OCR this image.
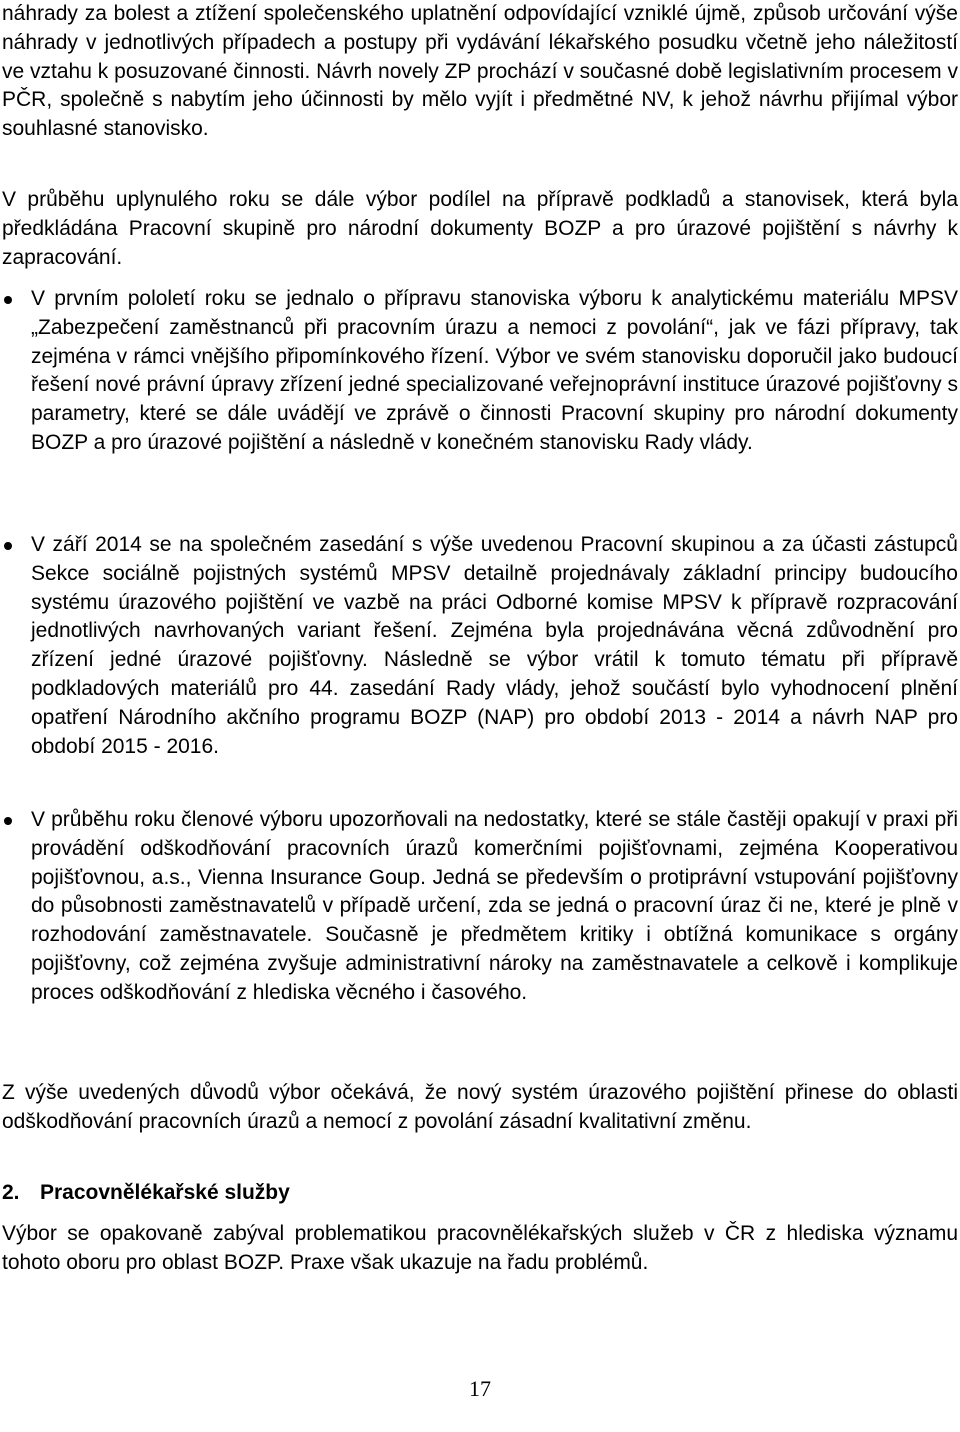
náhrady za bolest a ztížení společenského uplatnění odpovídající vzniklé újmě, způsob určování výše náhrady v jednotlivých případech a postupy při vydávání lékařského posudku včetně jeho náležitostí ve vztahu k posuzované činnosti. Návrh novely ZP prochází v současné době legislativním procesem v PČR, společně s nabytím jeho účinnosti by mělo vyjít i předmětné NV, k jehož návrhu přijímal výbor souhlasné stanovisko.

V průběhu uplynulého roku se dále výbor podílel na přípravě podkladů a stanovisek, která byla předkládána Pracovní skupině pro národní dokumenty BOZP a pro úrazové pojištění s návrhy k zapracování.

V prvním pololetí roku se jednalo o přípravu stanoviska výboru k analytickému materiálu MPSV „Zabezpečení zaměstnanců při pracovním úrazu a nemoci z povolání“, jak ve fázi přípravy, tak zejména v rámci vnějšího připomínkového řízení. Výbor ve svém stanovisku doporučil jako budoucí řešení nové právní úpravy zřízení jedné specializované veřejnoprávní instituce úrazové pojišťovny s parametry, které se dále uvádějí ve zprávě o činnosti Pracovní skupiny pro národní dokumenty BOZP a pro úrazové pojištění a následně v konečném stanovisku Rady vlády.
V září 2014 se na společném zasedání s výše uvedenou Pracovní skupinou a za účasti zástupců Sekce sociálně pojistných systémů MPSV detailně projednávaly základní principy budoucího systému úrazového pojištění ve vazbě na práci Odborné komise MPSV k přípravě rozpracování jednotlivých navrhovaných variant řešení. Zejména byla projednávána věcná zdůvodnění pro zřízení jedné úrazové pojišťovny. Následně se výbor vrátil k tomuto tématu při přípravě podkladových materiálů pro 44. zasedání Rady vlády, jehož součástí bylo vyhodnocení plnění opatření Národního akčního programu BOZP (NAP) pro období 2013 - 2014 a návrh NAP pro období 2015 - 2016.
V průběhu roku členové výboru upozorňovali na nedostatky, které se stále častěji opakují v praxi při provádění odškodňování pracovních úrazů komerčními pojišťovnami, zejména Kooperativou pojišťovnou, a.s., Vienna Insurance Goup. Jedná se především o protiprávní vstupování pojišťovny do působnosti zaměstnavatelů v případě určení, zda se jedná o pracovní úraz či ne, které je plně v rozhodování zaměstnavatele. Současně je předmětem kritiky i obtížná komunikace s orgány pojišťovny, což zejména zvyšuje administrativní nároky na zaměstnavatele a celkově i komplikuje proces odškodňování z hlediska věcného i časového.

Z výše uvedených důvodů výbor očekává, že nový systém úrazového pojištění přinese do oblasti odškodňování pracovních úrazů a nemocí z povolání zásadní kvalitativní změnu.

2. Pracovnělékařské služby

Výbor se opakovaně zabýval problematikou pracovnělékařských služeb v ČR z hlediska významu tohoto oboru pro oblast BOZP. Praxe však ukazuje na řadu problémů.

17
